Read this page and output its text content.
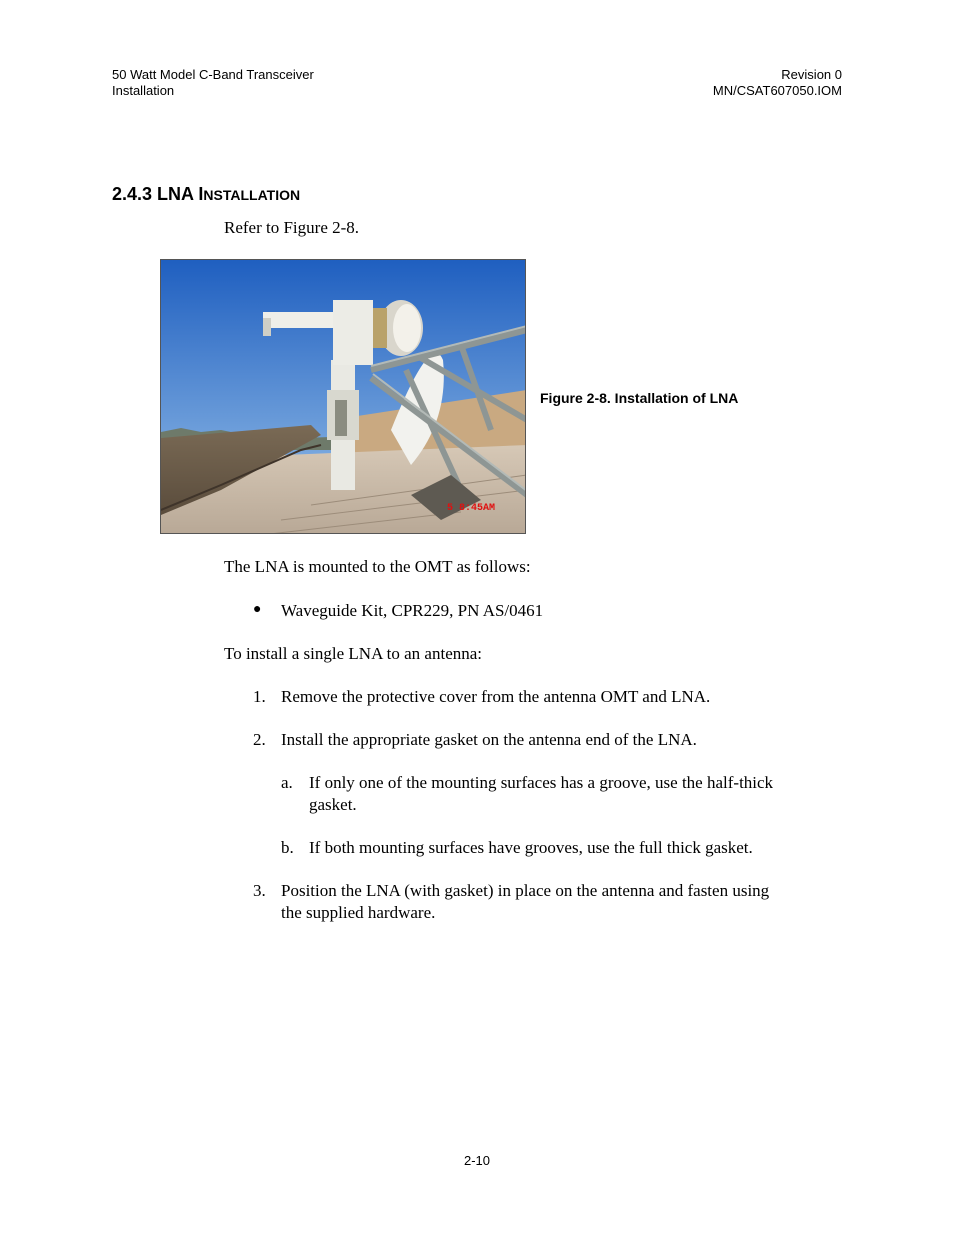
50 Watt Model C-Band Transceiver
Installation
Revision 0
MN/CSAT607050.IOM
2.4.3 LNA INSTALLATION
Refer to Figure 2-8.
5 8:45AM
Figure 2-8. Installation of LNA
The LNA is mounted to the OMT as follows:
● Waveguide Kit, CPR229, PN AS/0461
To install a single LNA to an antenna:
1. Remove the protective cover from the antenna OMT and LNA.
2. Install the appropriate gasket on the antenna end of the LNA.
a. If only one of the mounting surfaces has a groove, use the half-thick
gasket.
b. If both mounting surfaces have grooves, use the full thick gasket.
3. Position the LNA (with gasket) in place on the antenna and fasten using
the supplied hardware.
2-10
